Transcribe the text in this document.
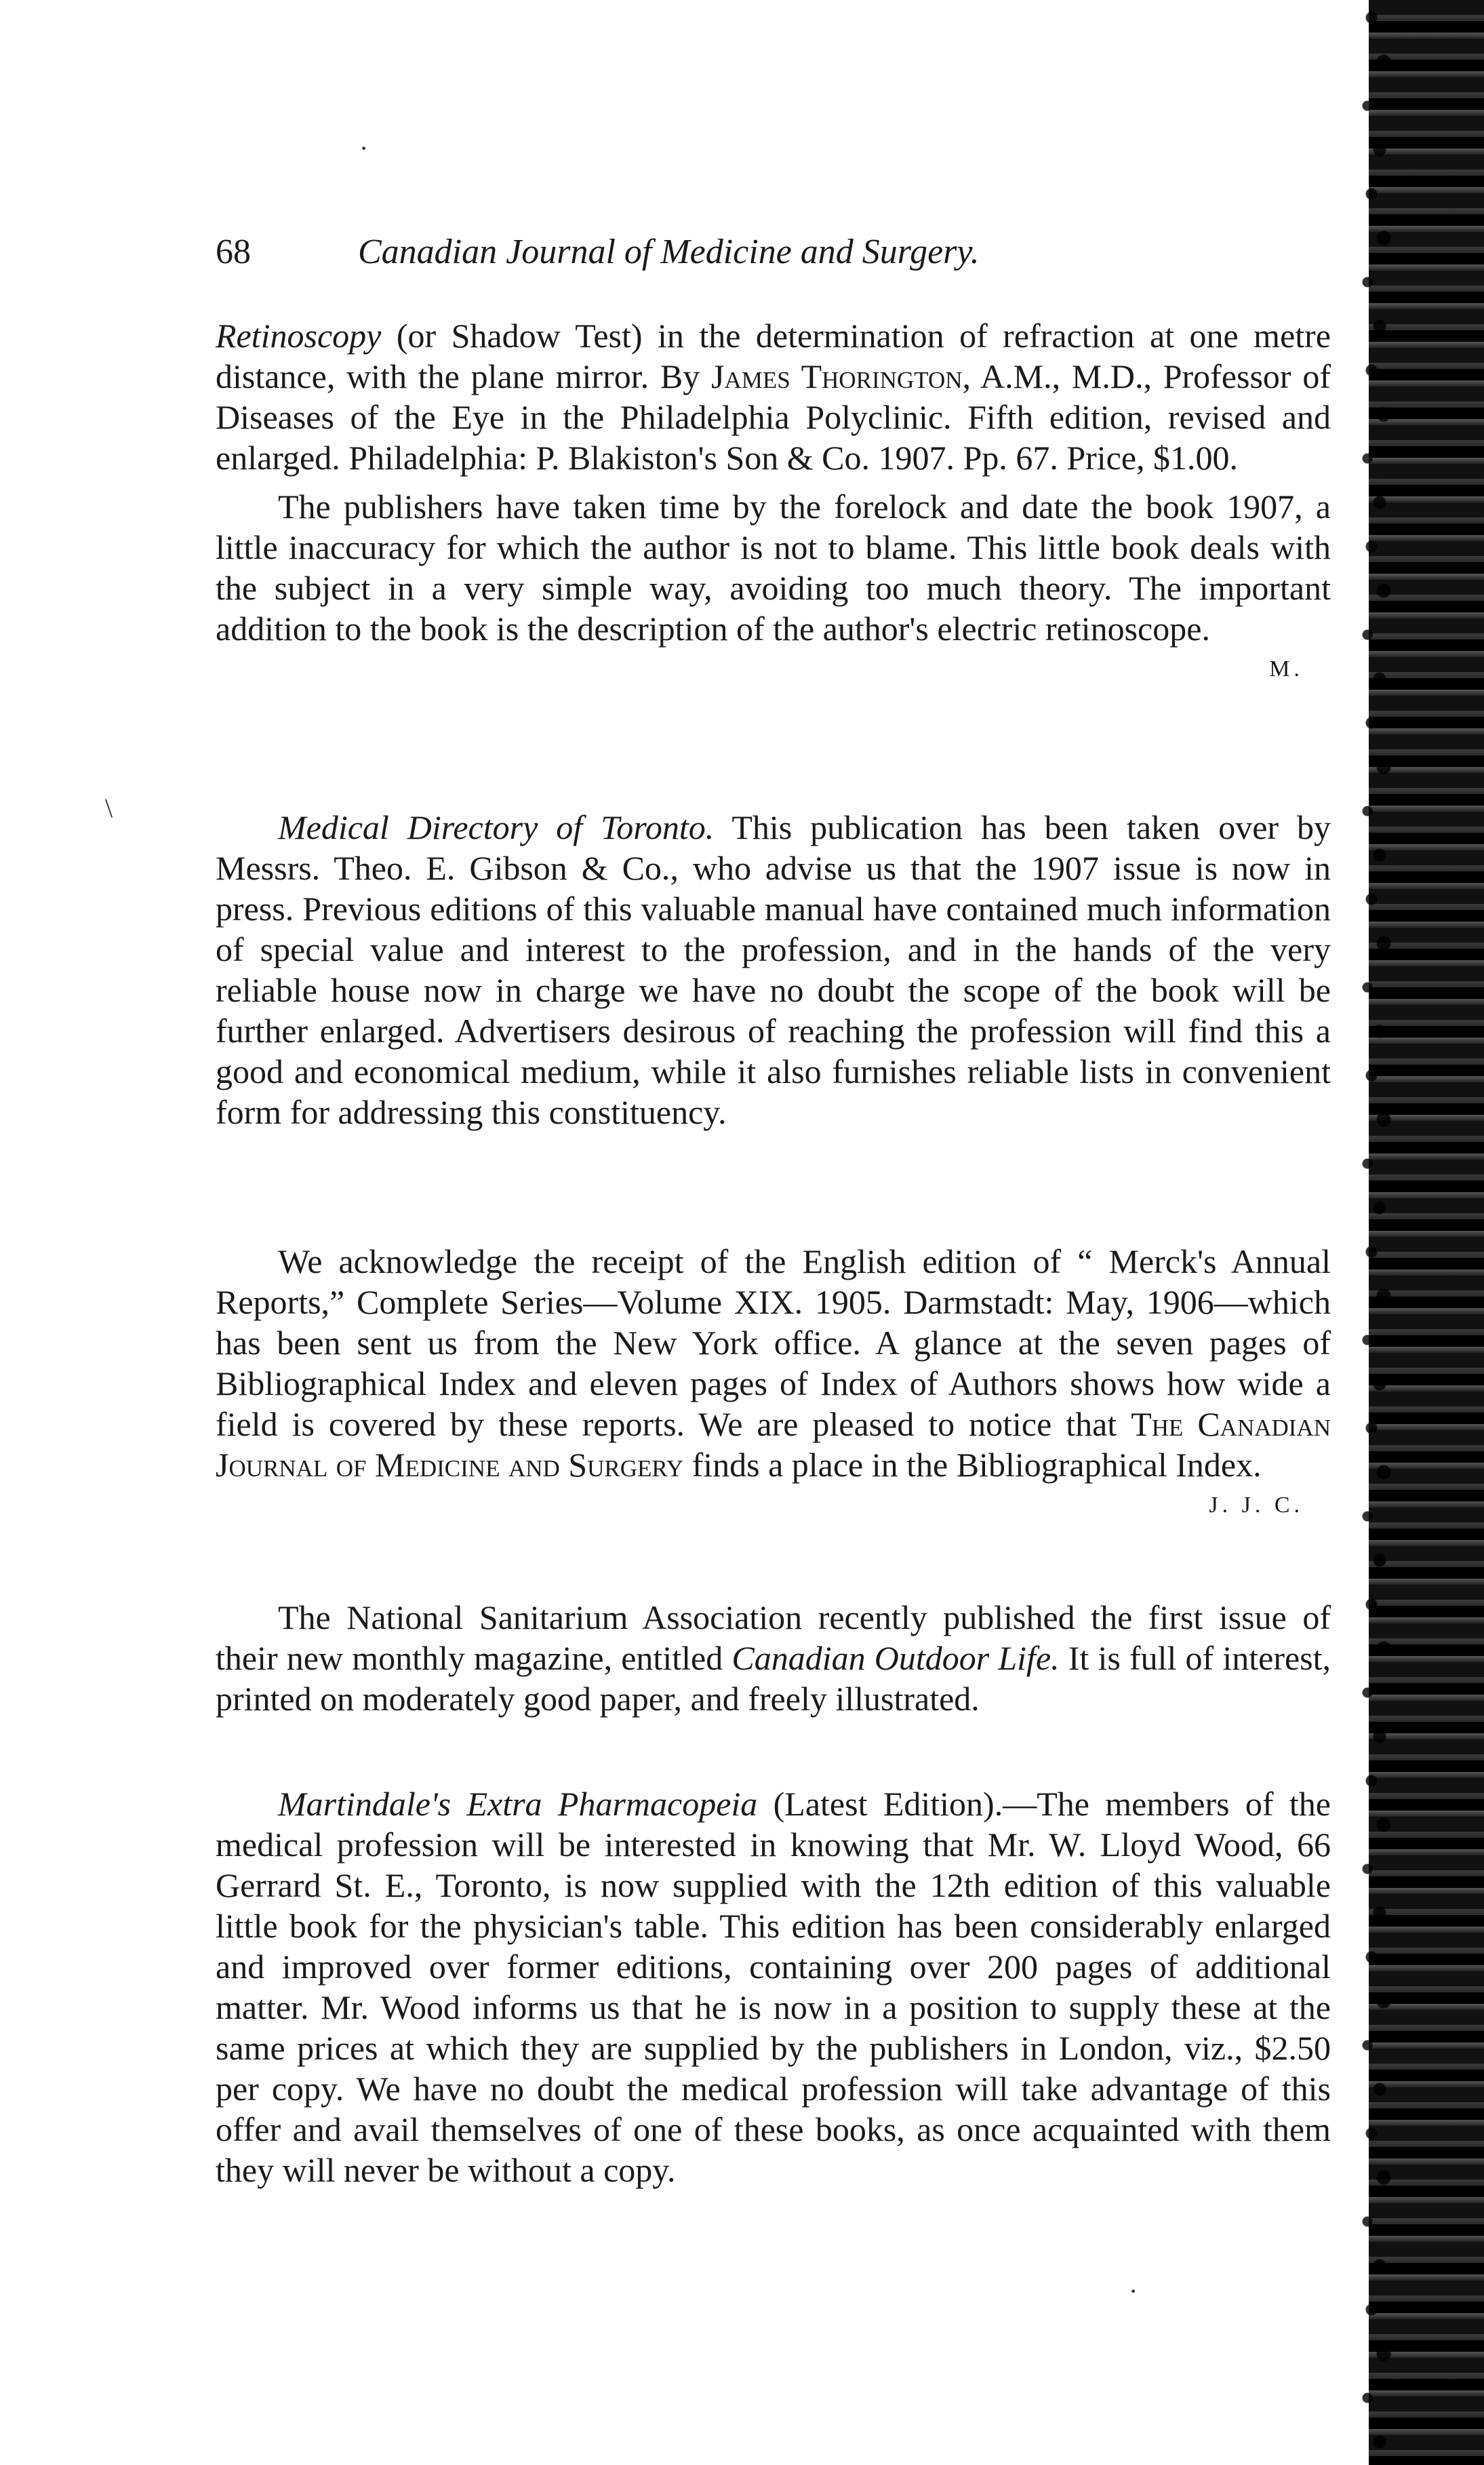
·
\
68	Canadian Journal of Medicine and Surgery.

Retinoscopy (or Shadow Test) in the determination of refraction at one metre distance, with the plane mirror. By James Thorington, A.M., M.D., Professor of Diseases of the Eye in the Philadelphia Polyclinic. Fifth edition, revised and enlarged. Philadelphia: P. Blakiston's Son & Co. 1907. Pp. 67. Price, $1.00.

The publishers have taken time by the forelock and date the book 1907, a little inaccuracy for which the author is not to blame. This little book deals with the subject in a very simple way, avoiding too much theory. The important addition to the book is the description of the author's electric retinoscope.
M.

Medical Directory of Toronto. This publication has been taken over by Messrs. Theo. E. Gibson & Co., who advise us that the 1907 issue is now in press. Previous editions of this valuable manual have contained much information of special value and interest to the profession, and in the hands of the very reliable house now in charge we have no doubt the scope of the book will be further enlarged. Advertisers desirous of reaching the profession will find this a good and economical medium, while it also furnishes reliable lists in convenient form for addressing this constituency.

We acknowledge the receipt of the English edition of “ Merck's Annual Reports,” Complete Series—Volume XIX. 1905. Darmstadt: May, 1906—which has been sent us from the New York office. A glance at the seven pages of Bibliographical Index and eleven pages of Index of Authors shows how wide a field is covered by these reports. We are pleased to notice that The Canadian Journal of Medicine and Surgery finds a place in the Bibliographical Index.
J. J. C.

The National Sanitarium Association recently published the first issue of their new monthly magazine, entitled Canadian Outdoor Life. It is full of interest, printed on moderately good paper, and freely illustrated.

Martindale's Extra Pharmacopeia (Latest Edition).—The members of the medical profession will be interested in knowing that Mr. W. Lloyd Wood, 66 Gerrard St. E., Toronto, is now supplied with the 12th edition of this valuable little book for the physician's table. This edition has been considerably enlarged and improved over former editions, containing over 200 pages of additional matter. Mr. Wood informs us that he is now in a position to supply these at the same prices at which they are supplied by the publishers in London, viz., $2.50 per copy. We have no doubt the medical profession will take advantage of this offer and avail themselves of one of these books, as once acquainted with them they will never be without a copy.

·
